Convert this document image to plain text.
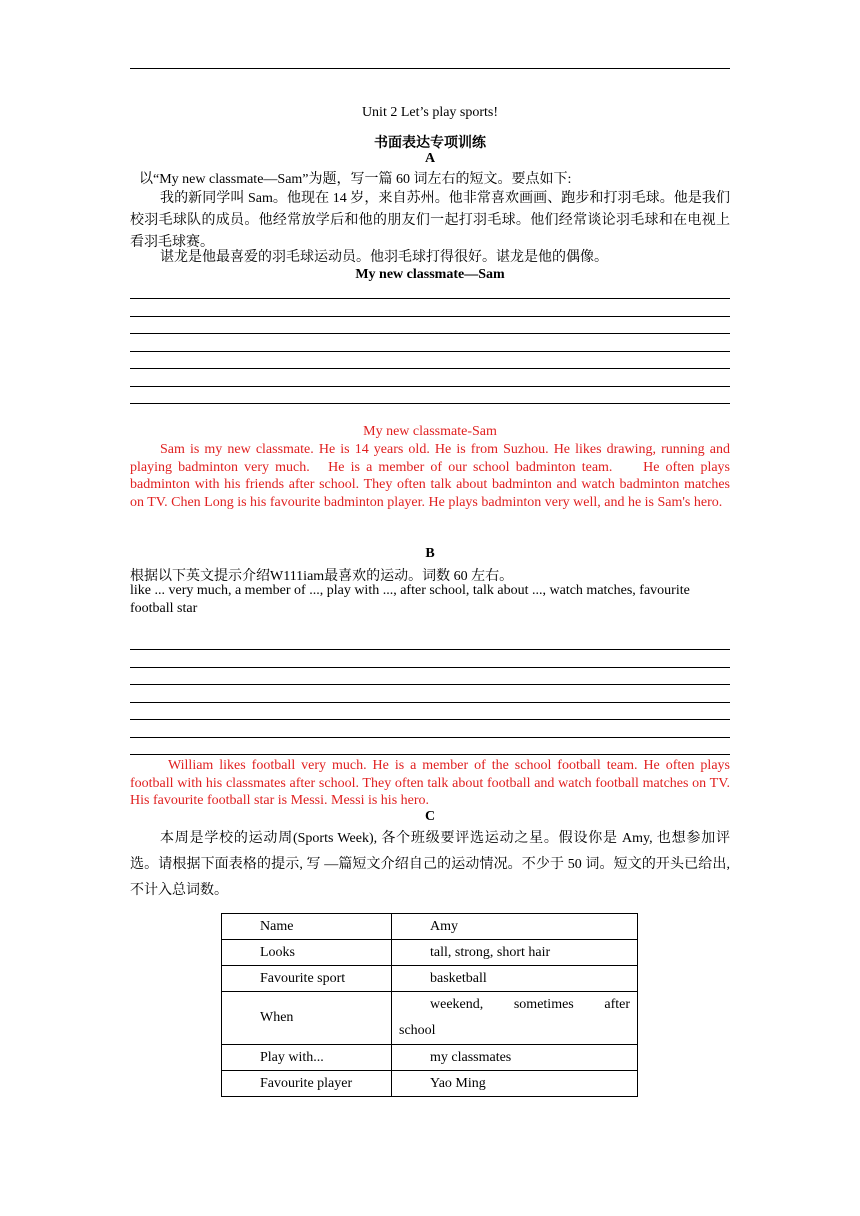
Unit 2 Let’s play sports!
书面表达专项训练
A
以“My new classmate—Sam”为题，写一篇 60 词左右的短文。要点如下:

我的新同学叫 Sam。他现在 14 岁，来自苏州。他非常喜欢画画、跑步和打羽毛球。他是我们校羽毛球队的成员。他经常放学后和他的朋友们一起打羽毛球。他们经常谈论羽毛球和在电视上看羽毛球赛。

谌龙是他最喜爱的羽毛球运动员。他羽毛球打得很好。谌龙是他的偶像。

My new classmate—Sam
My new classmate-Sam

Sam is my new classmate. He is 14 years old. He is from Suzhou. He likes drawing, running and playing badminton very much.   He is a member of our school badminton team.     He often plays badminton with his friends after school. They often talk about badminton and watch badminton matches on TV. Chen Long is his favourite badminton player. He plays badminton very well, and he is Sam's hero.

B
根据以下英文提示介绍W111iam最喜欢的运动。词数 60 左右。

like ... very much, a member of ..., play with ..., after school, talk about ..., watch matches, favourite football star

William likes football very much. He is a member of the school football team. He often plays football with his classmates after school. They often talk about football and watch football matches on TV. His favourite football star is Messi. Messi is his hero.

C

本周是学校的运动周(Sports Week), 各个班级要评选运动之星。假设你是 Amy, 也想参加评选。请根据下面表格的提示, 写 —篇短文介绍自己的运动情况。不少于 50 词。短文的开头已给出, 不计入总词数。

Name	Amy
Looks	tall, strong, short hair
Favourite sport	basketball
When	weekend,      sometimes      after school
Play with...	my classmates
Favourite player	Yao Ming
